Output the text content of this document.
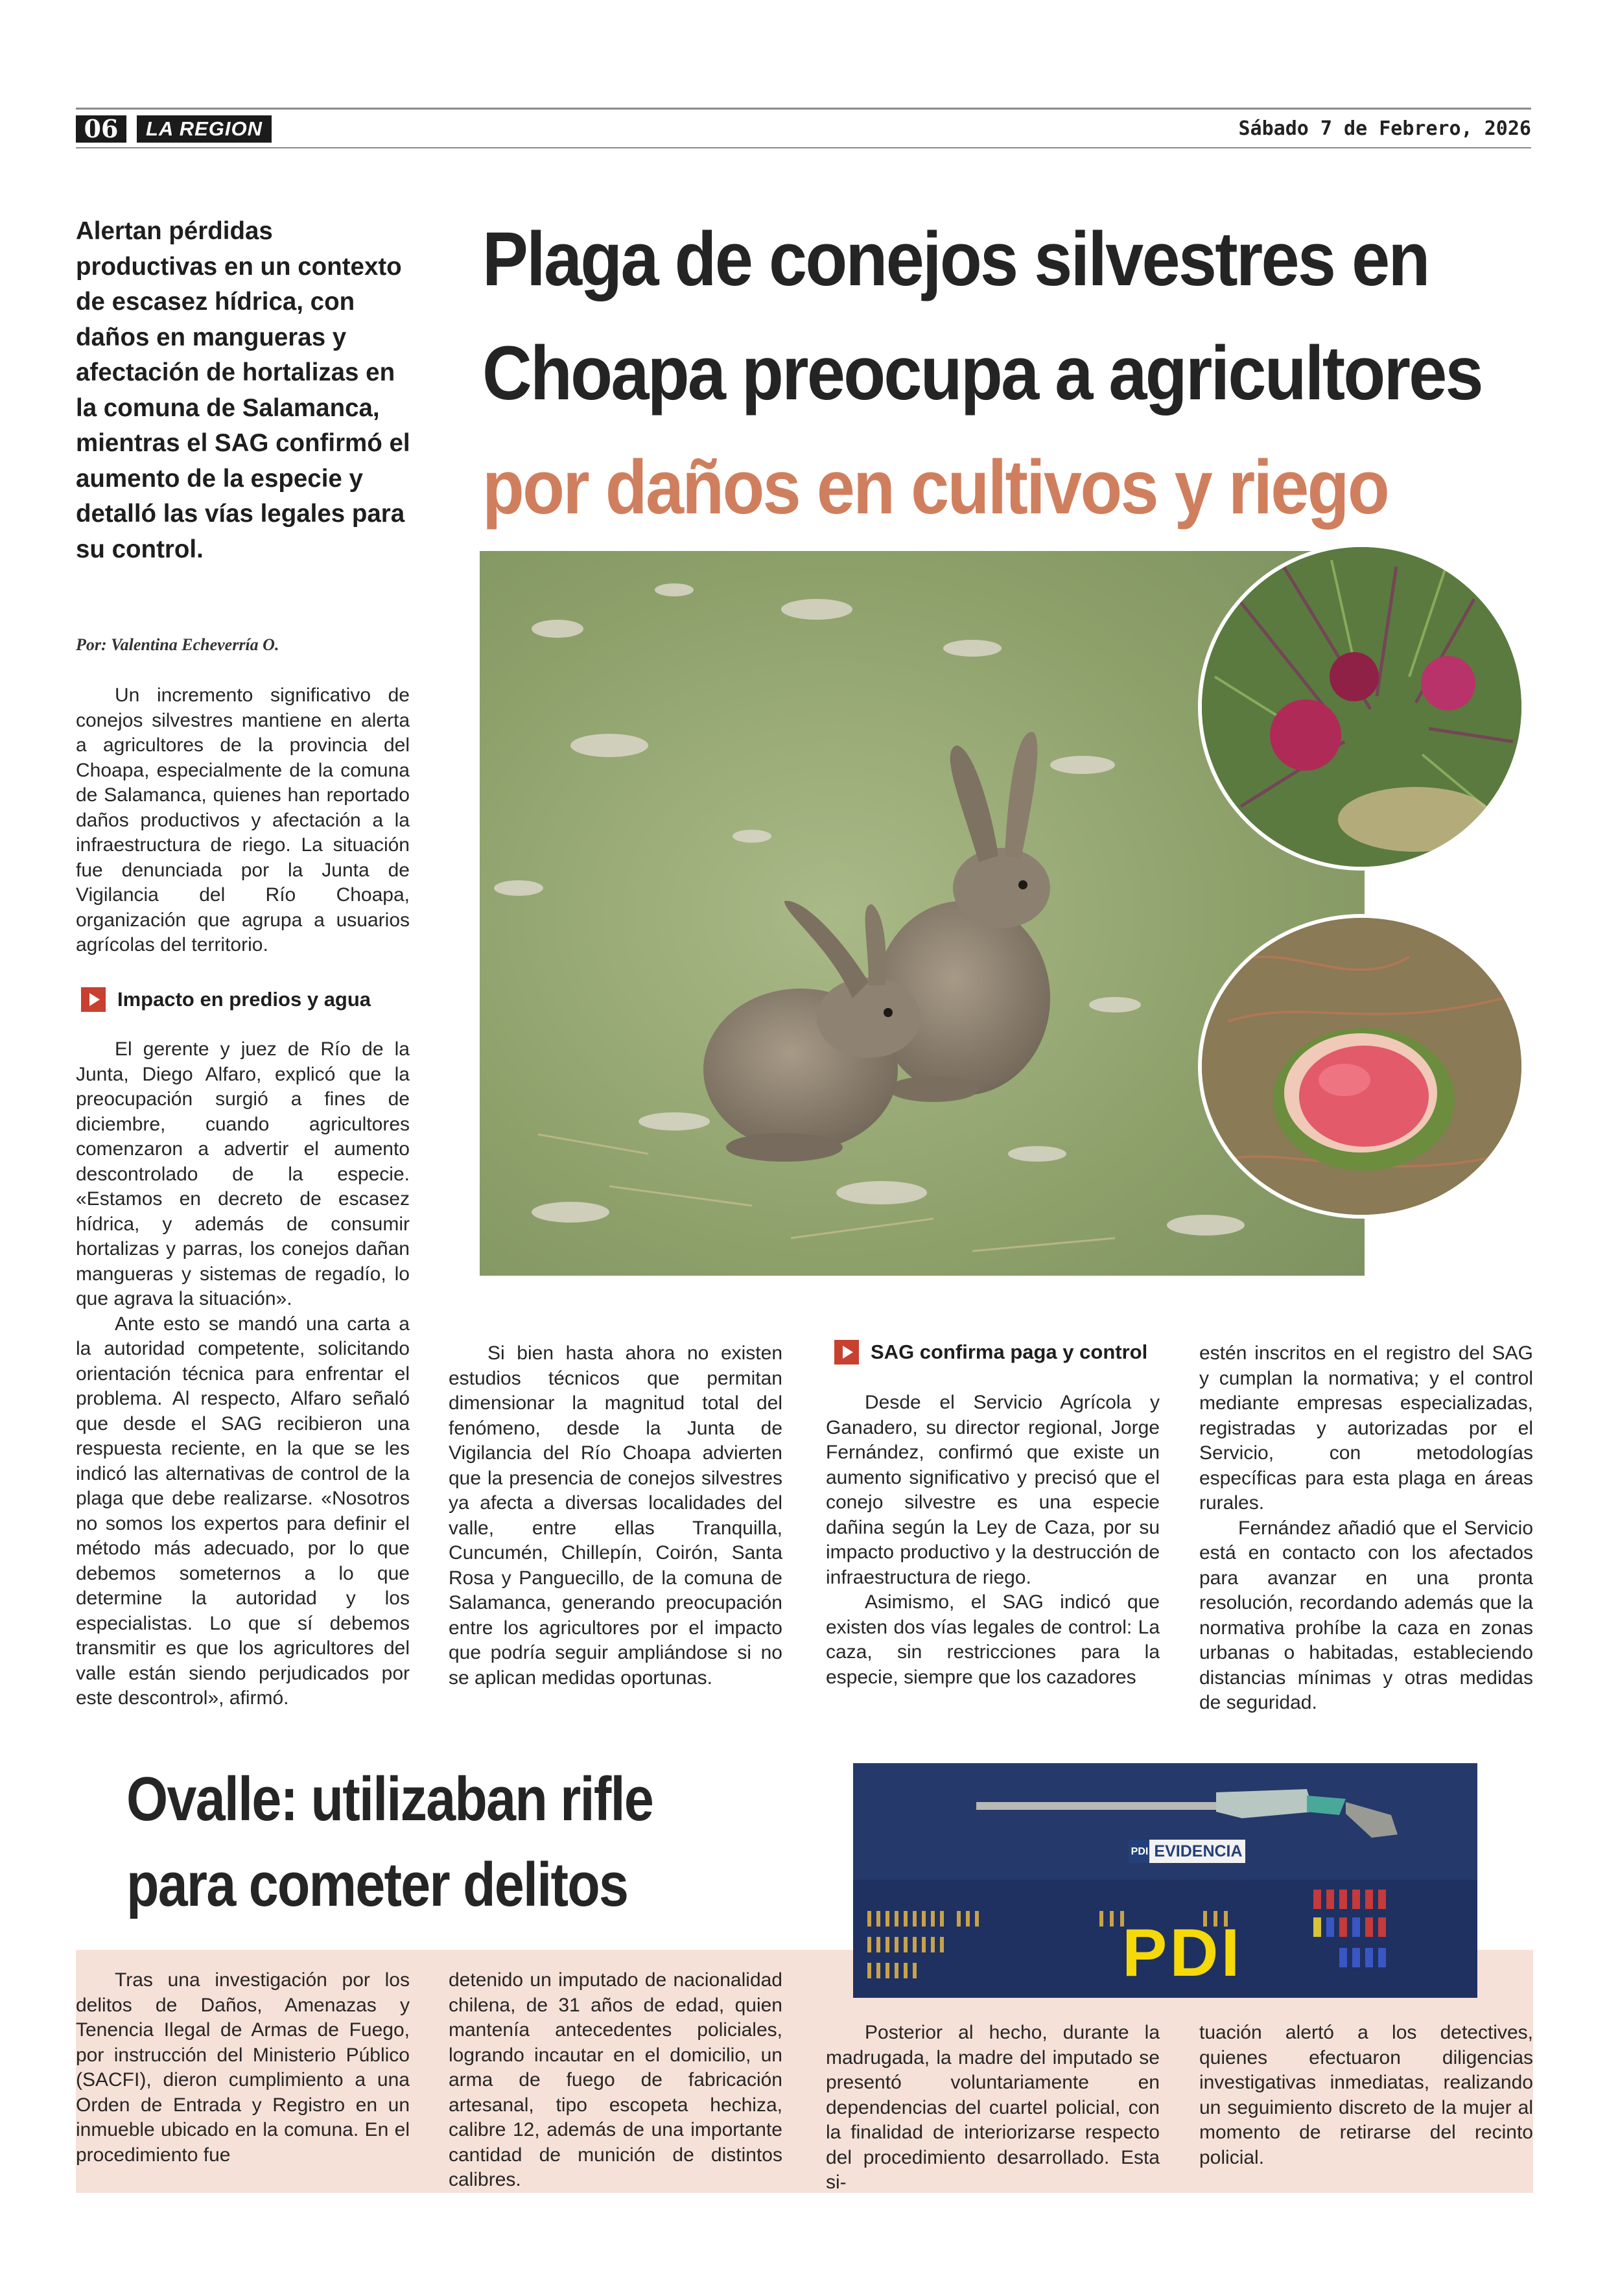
06	LA REGION	Sábado 7 de Febrero, 2026
Alertan pérdidas productivas en un contexto de escasez hídrica, con daños en mangueras y afectación de hortalizas en la comuna de Salamanca, mientras el SAG confirmó el aumento de la especie y detalló las vías legales para su control.
Plaga de conejos silvestres en
Choapa preocupa a agricultores
por daños en cultivos y riego
Por: Valentina Echeverría O.

Un incremento significativo de conejos silvestres mantiene en alerta a agricultores de la provincia del Choapa, especialmente de la comuna de Salamanca, quienes han reportado daños productivos y afectación a la infraestructura de riego. La situación fue denunciada por la Junta de Vigilancia del Río Choapa, organización que agrupa a usuarios agrícolas del territorio.

Impacto en predios y agua

El gerente y juez de Río de la Junta, Diego Alfaro, explicó que la preocupación surgió a fines de diciembre, cuando agricultores comenzaron a advertir el aumento descontrolado de la especie. «Estamos en decreto de escasez hídrica, y además de consumir hortalizas y parras, los conejos dañan mangueras y sistemas de regadío, lo que agrava la situación».

Ante esto se mandó una carta a la autoridad competente, solicitando orientación técnica para enfrentar el problema. Al respecto, Alfaro señaló que desde el SAG recibieron una respuesta reciente, en la que se les indicó las alternativas de control de la plaga que debe realizarse. «Nosotros no somos los expertos para definir el método más adecuado, por lo que debemos someternos a lo que determine la autoridad y los especialistas. Lo que sí debemos transmitir es que los agricultores del valle están siendo perjudicados por este descontrol», afirmó.

Si bien hasta ahora no existen estudios técnicos que permitan dimensionar la magnitud total del fenómeno, desde la Junta de Vigilancia del Río Choapa advierten que la presencia de conejos silvestres ya afecta a diversas localidades del valle, entre ellas Tranquilla, Cuncumén, Chillepín, Coirón, Santa Rosa y Panguecillo, de la comuna de Salamanca, generando preocupación entre los agricultores por el impacto que podría seguir ampliándose si no se aplican medidas oportunas.

SAG confirma paga y control

Desde el Servicio Agrícola y Ganadero, su director regional, Jorge Fernández, confirmó que existe un aumento significativo y precisó que el conejo silvestre es una especie dañina según la Ley de Caza, por su impacto productivo y la destrucción de infraestructura de riego.

Asimismo, el SAG indicó que existen dos vías legales de control: La caza, sin restricciones para la especie, siempre que los cazadores

estén inscritos en el registro del SAG y cumplan la normativa; y el control mediante empresas especializadas, registradas y autorizadas por el Servicio, con metodologías específicas para esta plaga en áreas rurales.

Fernández añadió que el Servicio está en contacto con los afectados para avanzar en una pronta resolución, recordando además que la normativa prohíbe la caza en zonas urbanas o habitadas, estableciendo distancias mínimas y otras medidas de seguridad.

Ovalle: utilizaban rifle
para cometer delitos	PDI EVIDENCIA
PDI

Tras una investigación por los delitos de Daños, Amenazas y Tenencia Ilegal de Armas de Fuego, por instrucción del Ministerio Público (SACFI), dieron cumplimiento a una Orden de Entrada y Registro en un inmueble ubicado en la comuna. En el procedimiento fue

detenido un imputado de nacionalidad chilena, de 31 años de edad, quien mantenía antecedentes policiales, logrando incautar en el domicilio, un arma de fuego de fabricación artesanal, tipo escopeta hechiza, calibre 12, además de una importante cantidad de munición de distintos calibres.

Posterior al hecho, durante la madrugada, la madre del imputado se presentó voluntariamente en dependencias del cuartel policial, con la finalidad de interiorizarse respecto del procedimiento desarrollado. Esta si-

tuación alertó a los detectives, quienes efectuaron diligencias investigativas inmediatas, realizando un seguimiento discreto de la mujer al momento de retirarse del recinto policial.
